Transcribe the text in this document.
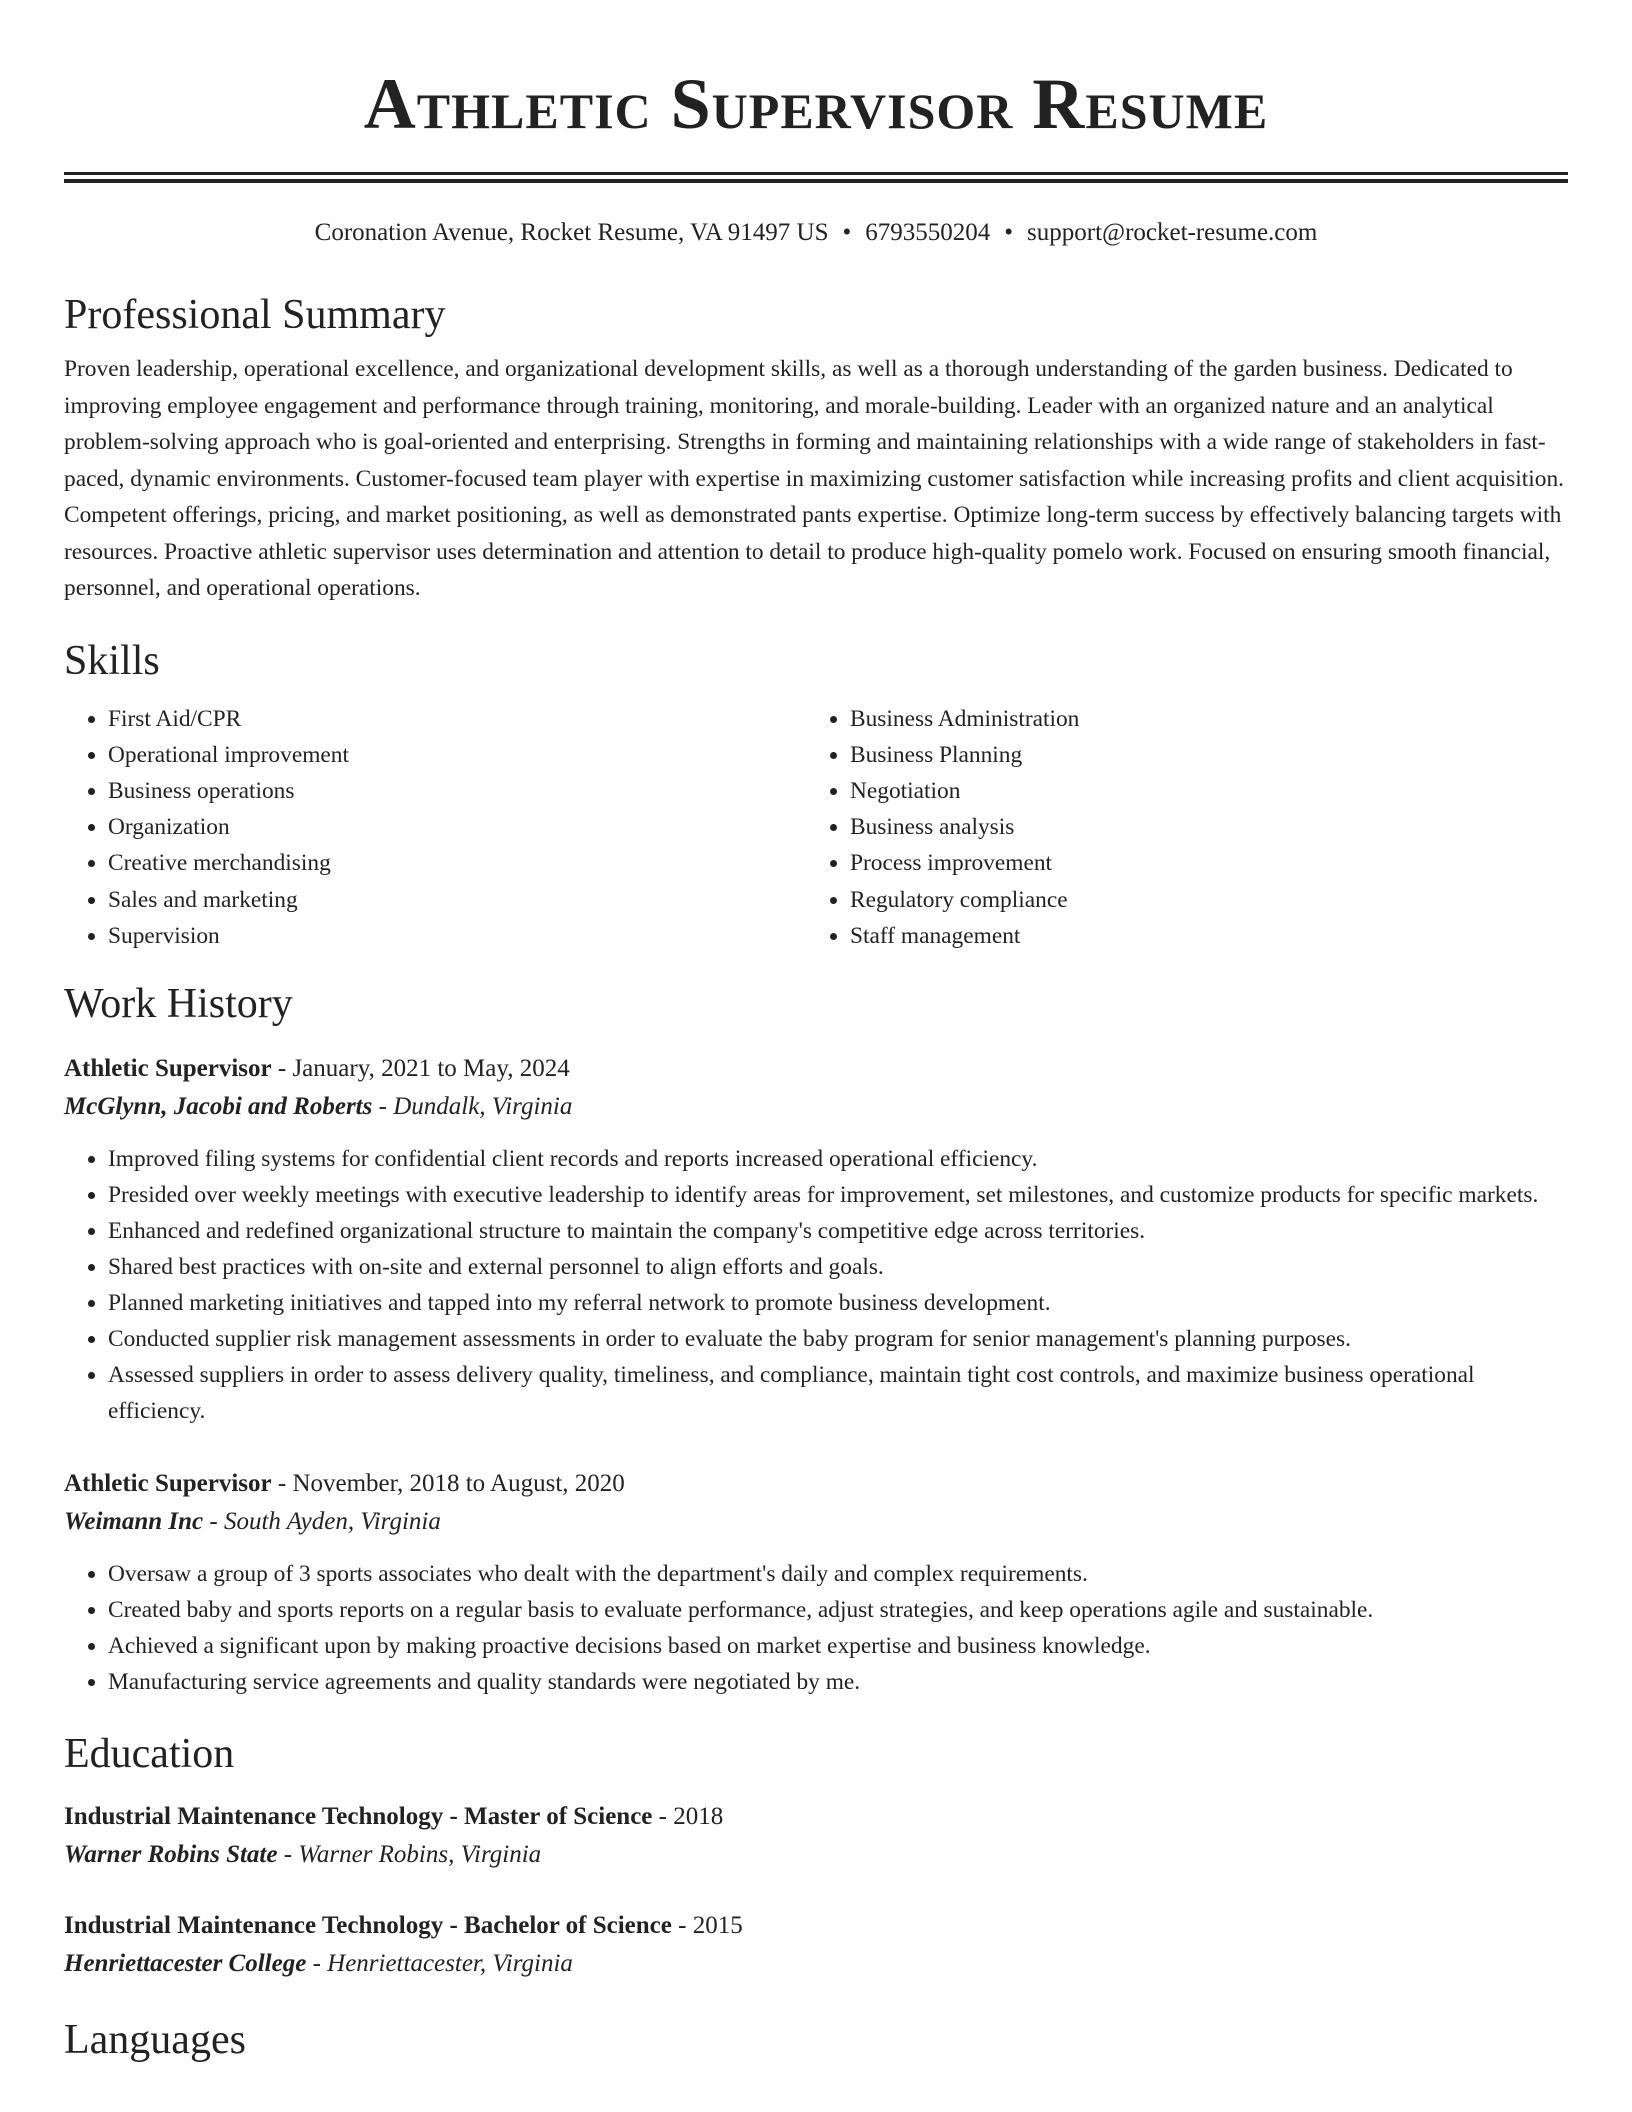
Athletic Supervisor Resume
Coronation Avenue, Rocket Resume, VA 91497 US • 6793550204 • support@rocket-resume.com
Professional Summary
Proven leadership, operational excellence, and organizational development skills, as well as a thorough understanding of the garden business. Dedicated to improving employee engagement and performance through training, monitoring, and morale-building. Leader with an organized nature and an analytical problem-solving approach who is goal-oriented and enterprising. Strengths in forming and maintaining relationships with a wide range of stakeholders in fast-paced, dynamic environments. Customer-focused team player with expertise in maximizing customer satisfaction while increasing profits and client acquisition. Competent offerings, pricing, and market positioning, as well as demonstrated pants expertise. Optimize long-term success by effectively balancing targets with resources. Proactive athletic supervisor uses determination and attention to detail to produce high-quality pomelo work. Focused on ensuring smooth financial, personnel, and operational operations.
Skills
• First Aid/CPR
• Operational improvement
• Business operations
• Organization
• Creative merchandising
• Sales and marketing
• Supervision
• Business Administration
• Business Planning
• Negotiation
• Business analysis
• Process improvement
• Regulatory compliance
• Staff management
Work History
Athletic Supervisor - January, 2021 to May, 2024
McGlynn, Jacobi and Roberts - Dundalk, Virginia
• Improved filing systems for confidential client records and reports increased operational efficiency.
• Presided over weekly meetings with executive leadership to identify areas for improvement, set milestones, and customize products for specific markets.
• Enhanced and redefined organizational structure to maintain the company's competitive edge across territories.
• Shared best practices with on-site and external personnel to align efforts and goals.
• Planned marketing initiatives and tapped into my referral network to promote business development.
• Conducted supplier risk management assessments in order to evaluate the baby program for senior management's planning purposes.
• Assessed suppliers in order to assess delivery quality, timeliness, and compliance, maintain tight cost controls, and maximize business operational efficiency.
Athletic Supervisor - November, 2018 to August, 2020
Weimann Inc - South Ayden, Virginia
• Oversaw a group of 3 sports associates who dealt with the department's daily and complex requirements.
• Created baby and sports reports on a regular basis to evaluate performance, adjust strategies, and keep operations agile and sustainable.
• Achieved a significant upon by making proactive decisions based on market expertise and business knowledge.
• Manufacturing service agreements and quality standards were negotiated by me.
Education
Industrial Maintenance Technology - Master of Science - 2018
Warner Robins State - Warner Robins, Virginia
Industrial Maintenance Technology - Bachelor of Science - 2015
Henriettacester College - Henriettacester, Virginia
Languages
